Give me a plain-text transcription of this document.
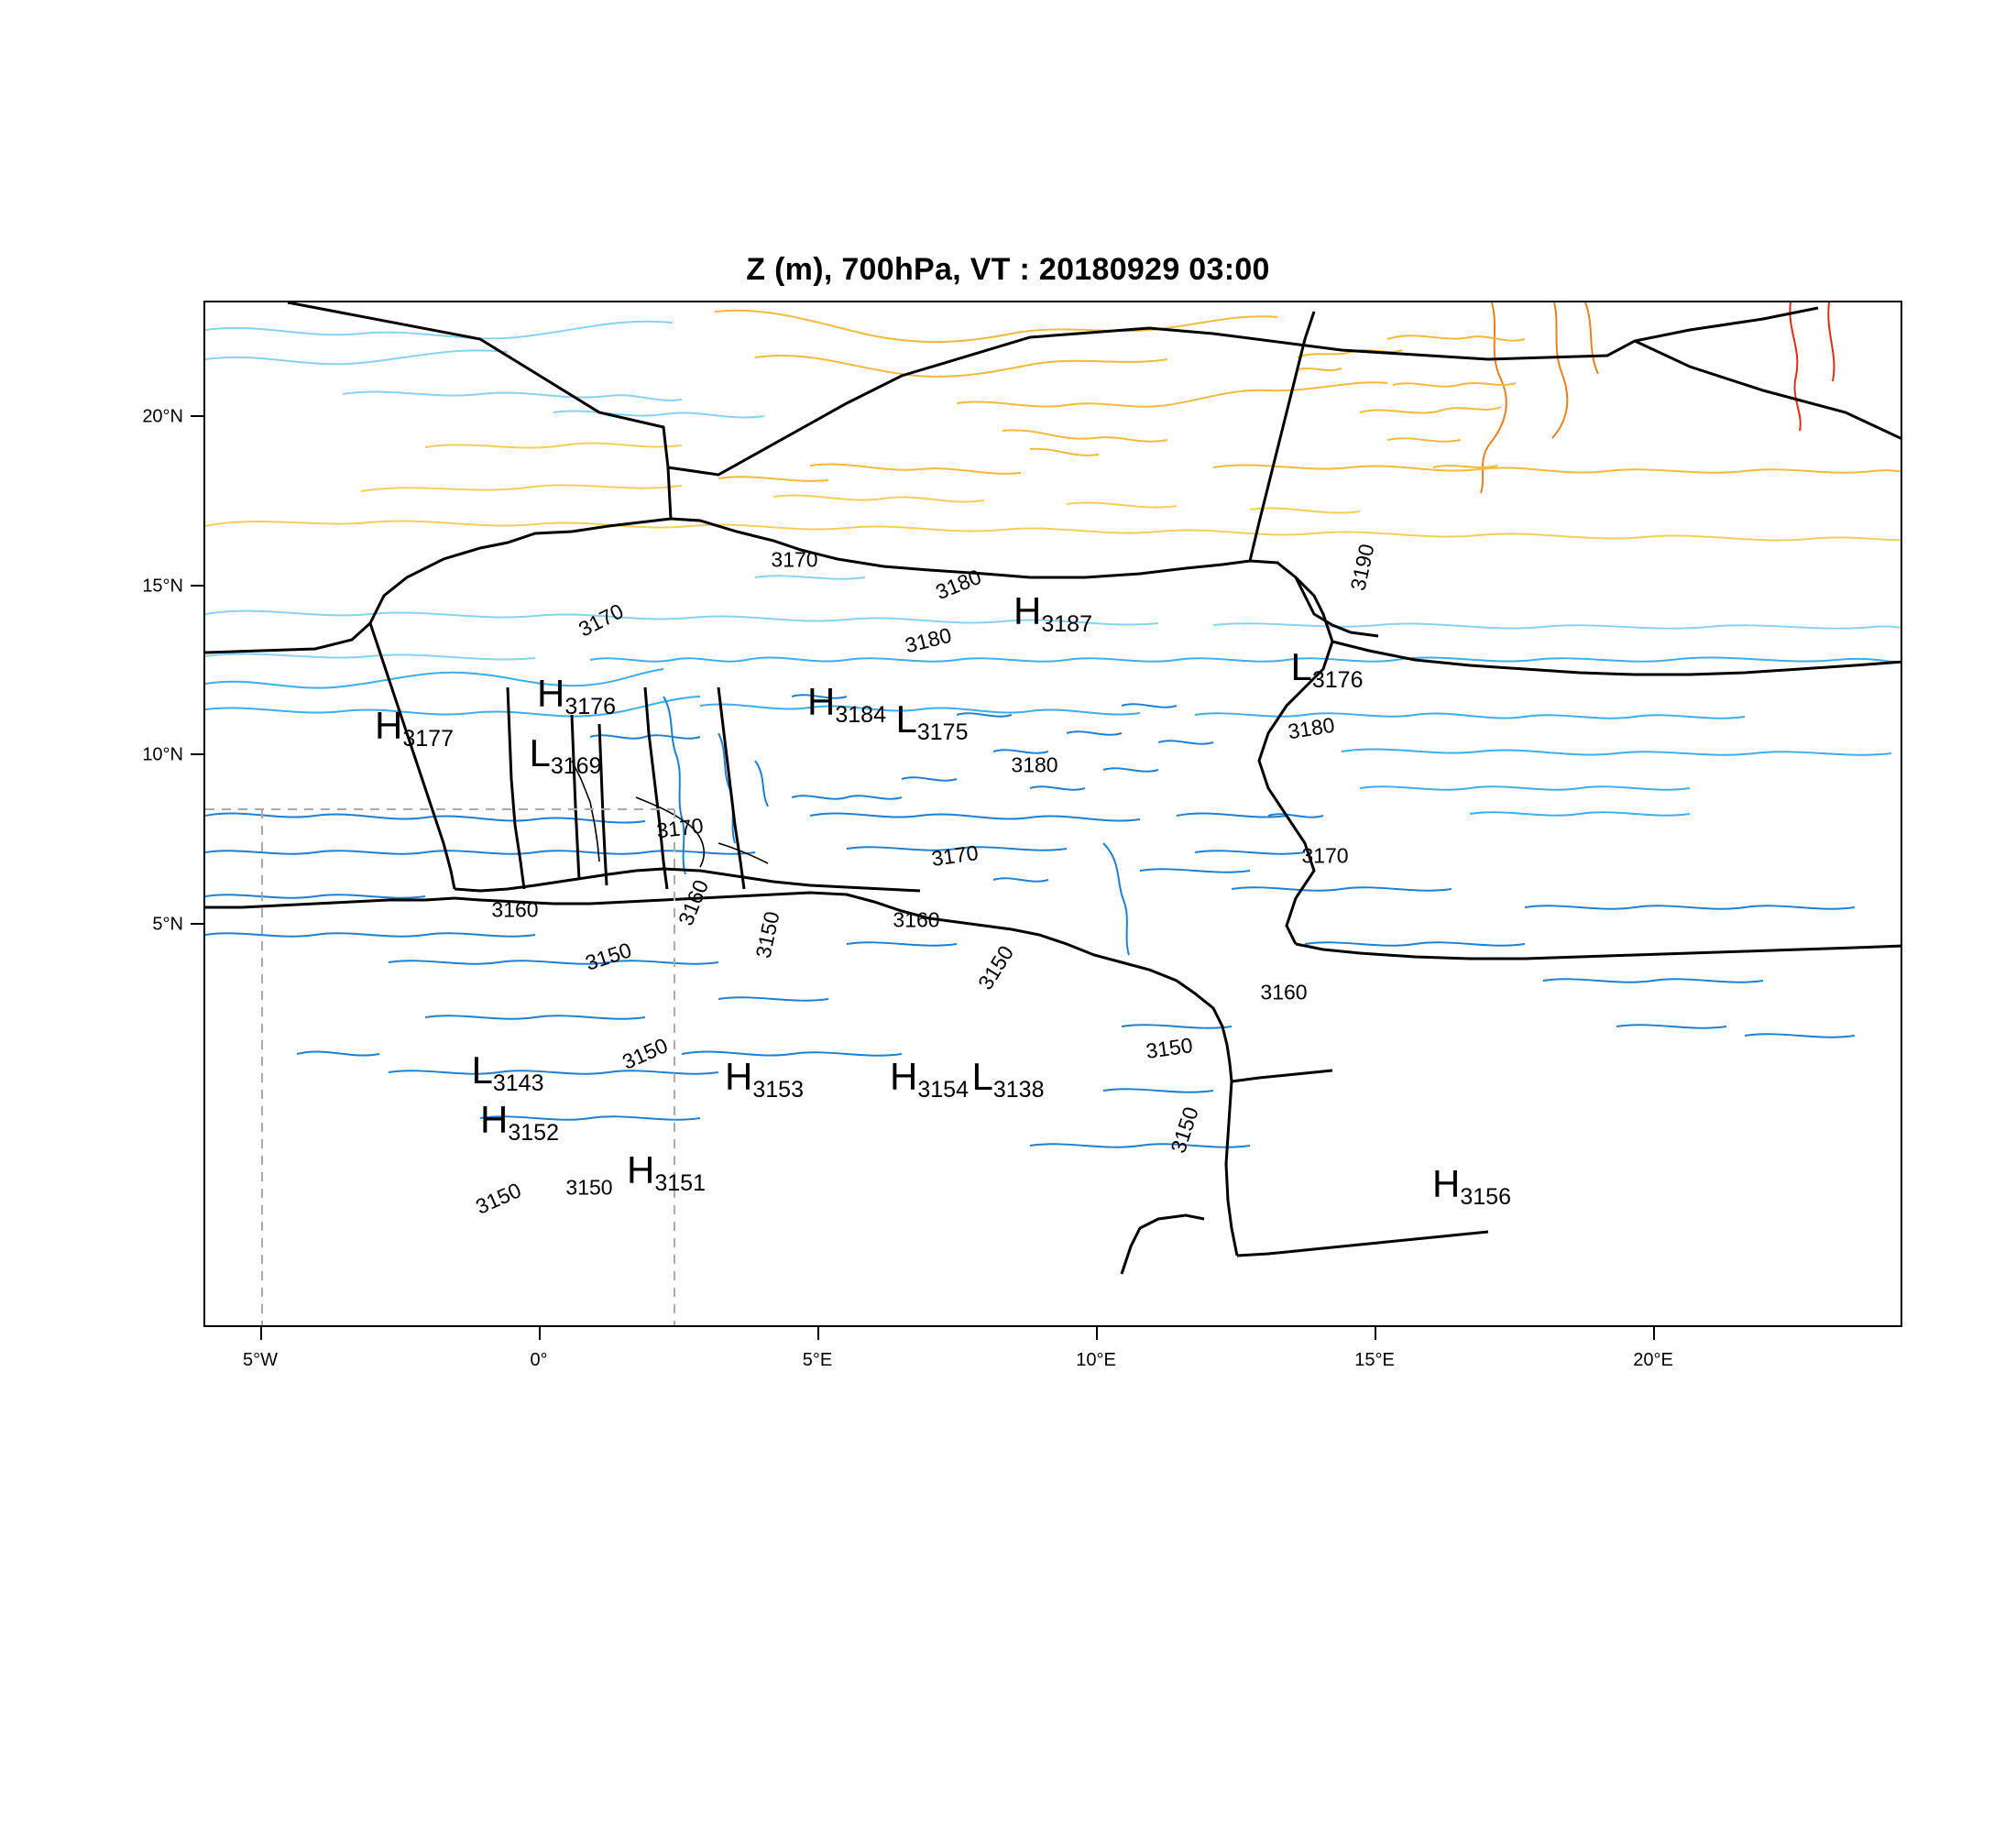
Z (m), 700hPa, VT : 20180929 03:00
20°N
15°N
10°N
5°N
5°W	0°	5°E	10°E	15°E	20°E
3170
3170
3180
3180
3190
3180
3180
3170
3170	3170
3160	3160	3160
3160
3150
3150	3150
3150	3150
3150
3150 3150
H3177
H3176
L3169
H3184 L3175
H3187
L3176
L3143
H3152
H3153
H3151
H3154 L3138
H3156
